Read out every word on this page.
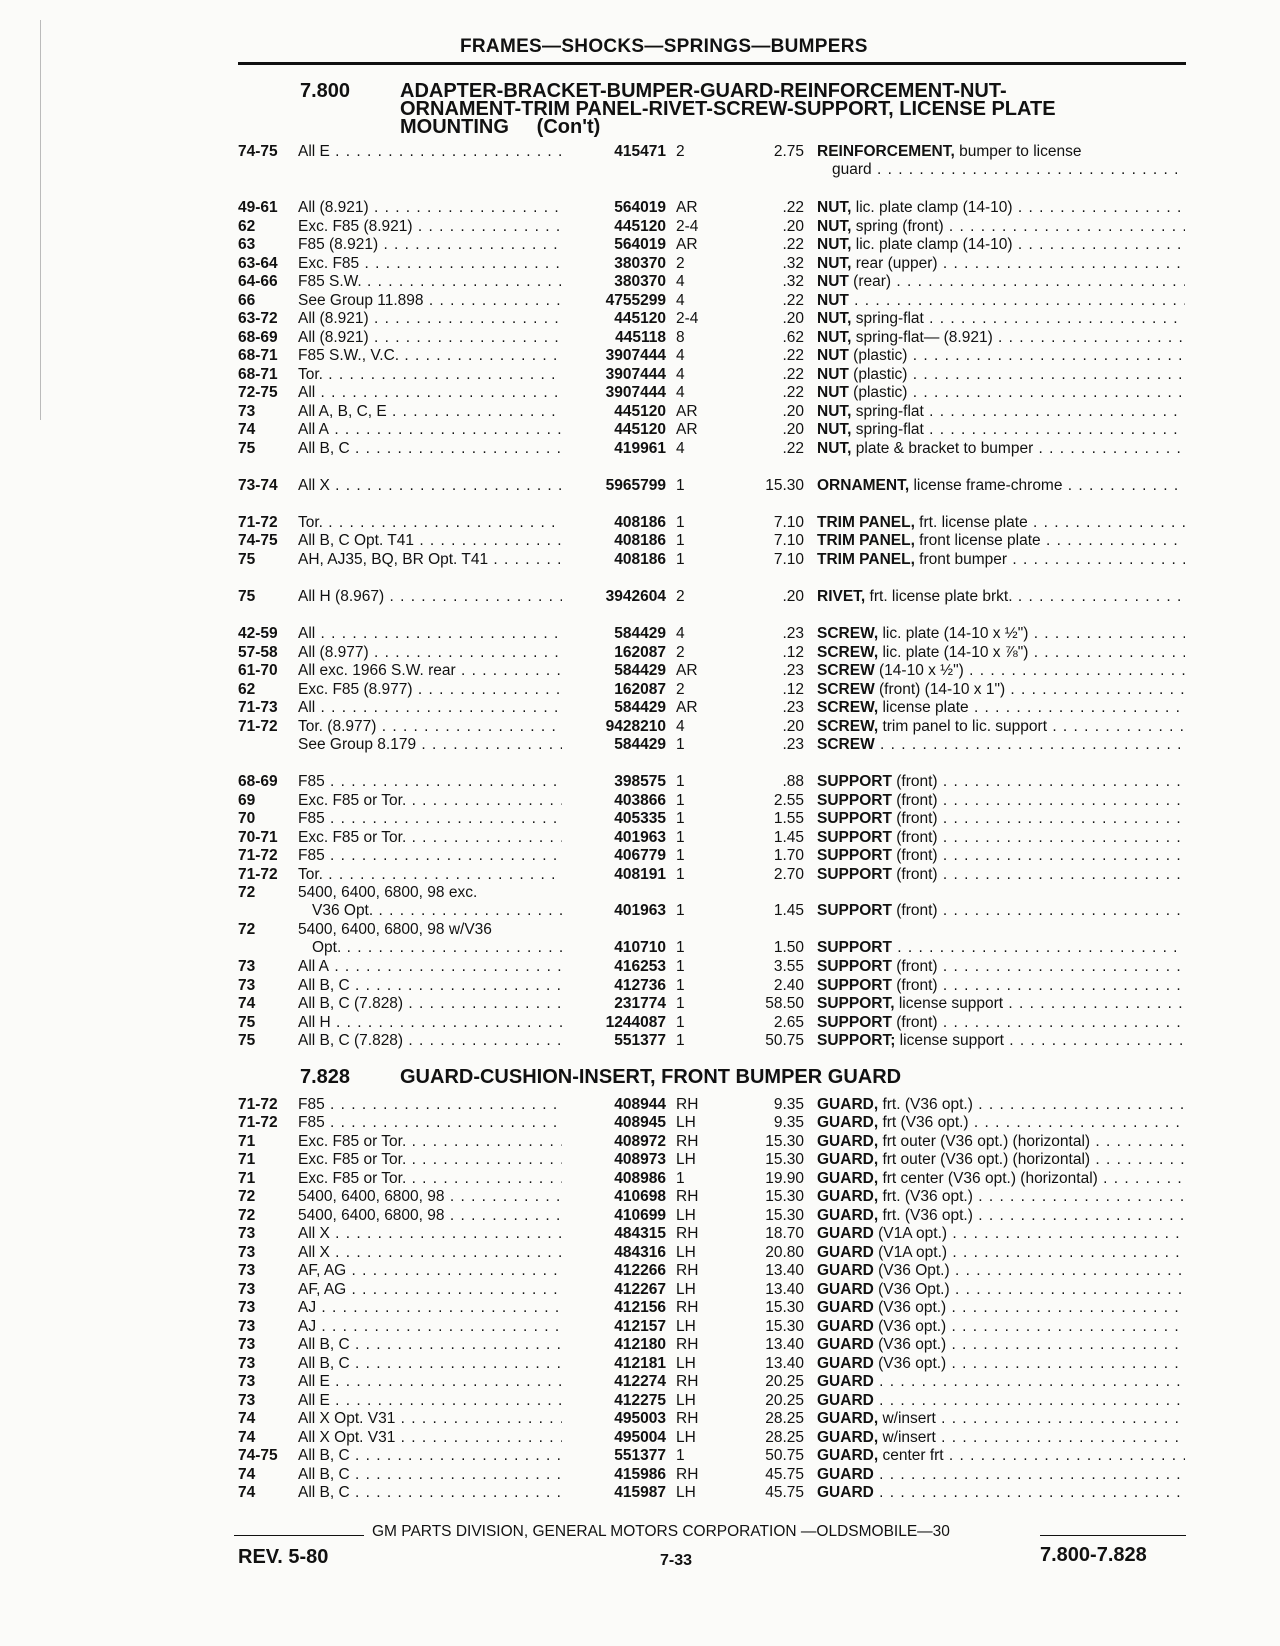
FRAMES—SHOCKS—SPRINGS—BUMPERS
7.800 ADAPTER-BRACKET-BUMPER-GUARD-REINFORCEMENT-NUT-
ORNAMENT-TRIM PANEL-RIVET-SCREW-SUPPORT, LICENSE PLATE
MOUNTING     (Con't)
74-75 All E . . .	415471 2	2.75 REINFORCEMENT, bumper to license
guard . . .
49-61 All (8.921) . . .	564019 AR	.22 NUT, lic. plate clamp (14-10) . . .
62	Exc. F85 (8.921) . . .	445120 2-4	.20 NUT, spring (front) . . .
63	F85 (8.921) . . .	564019 AR	.22 NUT, lic. plate clamp (14-10) . . .
63-64 Exc. F85 . . .	380370 2	.32 NUT, rear (upper) . . .
64-66 F85 S.W. . . .	380370 4	.32 NUT (rear) . . .
66	See Group 11.898 . . .	4755299 4	.22 NUT . . .
63-72 All (8.921) . . .	445120 2-4	.20 NUT, spring-flat . . .
68-69 All (8.921) . . .	445118 8	.62 NUT, spring-flat— (8.921) . . .
68-71 F85 S.W., V.C. . . .	3907444 4	.22 NUT (plastic) . . .
68-71 Tor. . . .	3907444 4	.22 NUT (plastic) . . .
72-75 All . . .	3907444 4	.22 NUT (plastic) . . .
73	All A, B, C, E . . .	445120 AR	.20 NUT, spring-flat . . .
74	All A . . .	445120 AR	.20 NUT, spring-flat . . .
75	All B, C . . .	419961 4	.22 NUT, plate & bracket to bumper . . .
73-74 All X . . .	5965799 1	15.30 ORNAMENT, license frame-chrome . . .
71-72 Tor. . . .	408186 1	7.10 TRIM PANEL, frt. license plate . . .
74-75 All B, C Opt. T41 . . .	408186 1	7.10 TRIM PANEL, front license plate . . .
75	AH, AJ35, BQ, BR Opt. T41 . . .	408186 1	7.10 TRIM PANEL, front bumper . . .
75	All H (8.967) . . .	3942604 2	.20 RIVET, frt. license plate brkt. . . .
42-59 All . . .	584429 4	.23 SCREW, lic. plate (14-10 x ½") . . .
57-58 All (8.977) . . .	162087 2	.12 SCREW, lic. plate (14-10 x ⅞") . . .
61-70 All exc. 1966 S.W. rear . . .	584429 AR	.23 SCREW (14-10 x ½") . . .
62	Exc. F85 (8.977) . . .	162087 2	.12 SCREW (front) (14-10 x 1") . . .
71-73 All . . .	584429 AR	.23 SCREW, license plate . . .
71-72 Tor. (8.977) . . .	9428210 4	.20 SCREW, trim panel to lic. support . . .
See Group 8.179 . . .	584429 1	.23 SCREW . . .
68-69 F85 . . .	398575 1	.88 SUPPORT (front) . . .
69	Exc. F85 or Tor. . . .	403866 1	2.55 SUPPORT (front) . . .
70	F85 . . .	405335 1	1.55 SUPPORT (front) . . .
70-71 Exc. F85 or Tor. . . .	401963 1	1.45 SUPPORT (front) . . .
71-72 F85 . . .	406779 1	1.70 SUPPORT (front) . . .
71-72 Tor. . . .	408191 1	2.70 SUPPORT (front) . . .
72	5400, 6400, 6800, 98 exc.
V36 Opt. . . .	401963 1	1.45 SUPPORT (front) . . .
72	5400, 6400, 6800, 98 w/V36
Opt. . . .	410710 1	1.50 SUPPORT . . .
73	All A . . .	416253 1	3.55 SUPPORT (front) . . .
73	All B, C . . .	412736 1	2.40 SUPPORT (front) . . .
74	All B, C (7.828) . . .	231774 1	58.50 SUPPORT, license support . . .
75	All H . . .	1244087 1	2.65 SUPPORT (front) . . .
75	All B, C (7.828) . . .	551377 1	50.75 SUPPORT; license support . . .
7.828 GUARD-CUSHION-INSERT, FRONT BUMPER GUARD
71-72 F85 . . .	408944 RH	9.35 GUARD, frt. (V36 opt.) . . .
71-72 F85 . . .	408945 LH	9.35 GUARD, frt (V36 opt.) . . .
71	Exc. F85 or Tor. . . .	408972 RH	15.30 GUARD, frt outer (V36 opt.) (horizontal) . . .
71	Exc. F85 or Tor. . . .	408973 LH	15.30 GUARD, frt outer (V36 opt.) (horizontal) . . .
71	Exc. F85 or Tor. . . .	408986 1	19.90 GUARD, frt center (V36 opt.) (horizontal) . . .
72	5400, 6400, 6800, 98 . . .	410698 RH	15.30 GUARD, frt. (V36 opt.) . . .
72	5400, 6400, 6800, 98 . . .	410699 LH	15.30 GUARD, frt. (V36 opt.) . . .
73	All X . . .	484315 RH	18.70 GUARD (V1A opt.) . . .
73	All X . . .	484316 LH	20.80 GUARD (V1A opt.) . . .
73	AF, AG . . .	412266 RH	13.40 GUARD (V36 Opt.) . . .
73	AF, AG . . .	412267 LH	13.40 GUARD (V36 Opt.) . . .
73	AJ . . .	412156 RH	15.30 GUARD (V36 opt.) . . .
73	AJ . . .	412157 LH	15.30 GUARD (V36 opt.) . . .
73	All B, C . . .	412180 RH	13.40 GUARD (V36 opt.) . . .
73	All B, C . . .	412181 LH	13.40 GUARD (V36 opt.) . . .
73	All E . . .	412274 RH	20.25 GUARD . . .
73	All E . . .	412275 LH	20.25 GUARD . . .
74	All X Opt. V31 . . .	495003 RH	28.25 GUARD, w/insert . . .
74	All X Opt. V31 . . .	495004 LH	28.25 GUARD, w/insert . . .
74-75 All B, C . . .	551377 1	50.75 GUARD, center frt . . .
74	All B, C . . .	415986 RH	45.75 GUARD . . .
74	All B, C . . .	415987 LH	45.75 GUARD . . .
GM PARTS DIVISION, GENERAL MOTORS CORPORATION —OLDSMOBILE—30
REV. 5-80	7-33	7.800-7.828
